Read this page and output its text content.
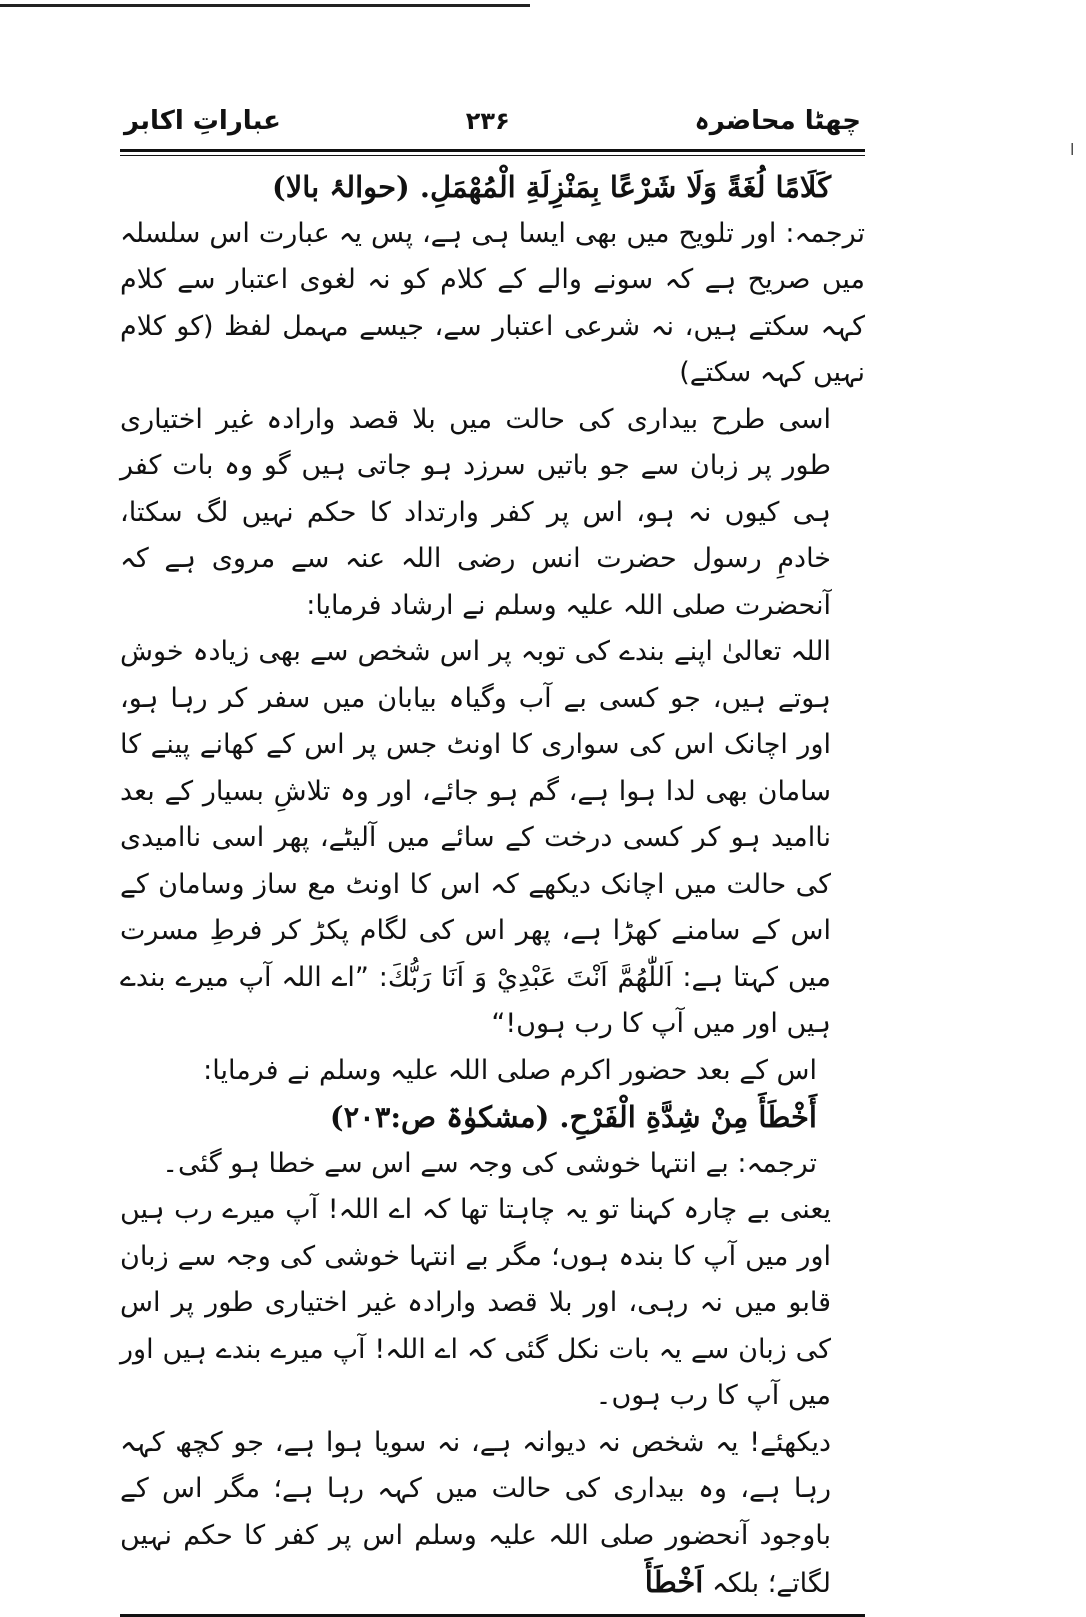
ا
چھٹا محاضرہ
۲۳۶
عباراتِ اکابر

كَلَامًا لُغَةً وَلَا شَرْعًا بِمَنْزِلَةِ الْمُهْمَلِ. (حوالۂ بالا)

ترجمہ: اور تلویح میں بھی ایسا ہی ہے، پس یہ عبارت اس سلسلہ میں صریح ہے کہ سونے والے کے کلام کو نہ لغوی اعتبار سے کلام کہہ سکتے ہیں، نہ شرعی اعتبار سے، جیسے مہمل لفظ (کو کلام نہیں کہہ سکتے)

اسی طرح بیداری کی حالت میں بلا قصد وارادہ غیر اختیاری طور پر زبان سے جو باتیں سرزد ہو جاتی ہیں گو وہ بات کفر ہی کیوں نہ ہو، اس پر کفر وارتداد کا حکم نہیں لگ سکتا، خادمِ رسول حضرت انس رضی اللہ عنہ سے مروی ہے کہ آنحضرت صلی اللہ علیہ وسلم نے ارشاد فرمایا:

اللہ تعالیٰ اپنے بندے کی توبہ پر اس شخص سے بھی زیادہ خوش ہوتے ہیں، جو کسی بے آب وگیاہ بیابان میں سفر کر رہا ہو، اور اچانک اس کی سواری کا اونٹ جس پر اس کے کھانے پینے کا سامان بھی لدا ہوا ہے، گم ہو جائے، اور وہ تلاشِ بسیار کے بعد ناامید ہو کر کسی درخت کے سائے میں آلیٹے، پھر اسی ناامیدی کی حالت میں اچانک دیکھے کہ اس کا اونٹ مع ساز وسامان کے اس کے سامنے کھڑا ہے، پھر اس کی لگام پکڑ کر فرطِ مسرت میں کہتا ہے: اَللّٰهُمَّ اَنْتَ عَبْدِيْ وَ اَنَا رَبُّكَ: ”اے اللہ آپ میرے بندے ہیں اور میں آپ کا رب ہوں!“

اس کے بعد حضور اکرم صلی اللہ علیہ وسلم نے فرمایا:

أَخْطَأَ مِنْ شِدَّةِ الْفَرْحِ. (مشکوٰۃ ص:۲۰۳)

ترجمہ: بے انتہا خوشی کی وجہ سے اس سے خطا ہو گئی۔

یعنی بے چارہ کہنا تو یہ چاہتا تھا کہ اے اللہ! آپ میرے رب ہیں اور میں آپ کا بندہ ہوں؛ مگر بے انتہا خوشی کی وجہ سے زبان قابو میں نہ رہی، اور بلا قصد وارادہ غیر اختیاری طور پر اس کی زبان سے یہ بات نکل گئی کہ اے اللہ! آپ میرے بندے ہیں اور میں آپ کا رب ہوں۔

دیکھئے! یہ شخص نہ دیوانہ ہے، نہ سویا ہوا ہے، جو کچھ کہہ رہا ہے، وہ بیداری کی حالت میں کہہ رہا ہے؛ مگر اس کے باوجود آنحضور صلی اللہ علیہ وسلم اس پر کفر کا حکم نہیں لگاتے؛ بلکہ اَخْطَأَ
